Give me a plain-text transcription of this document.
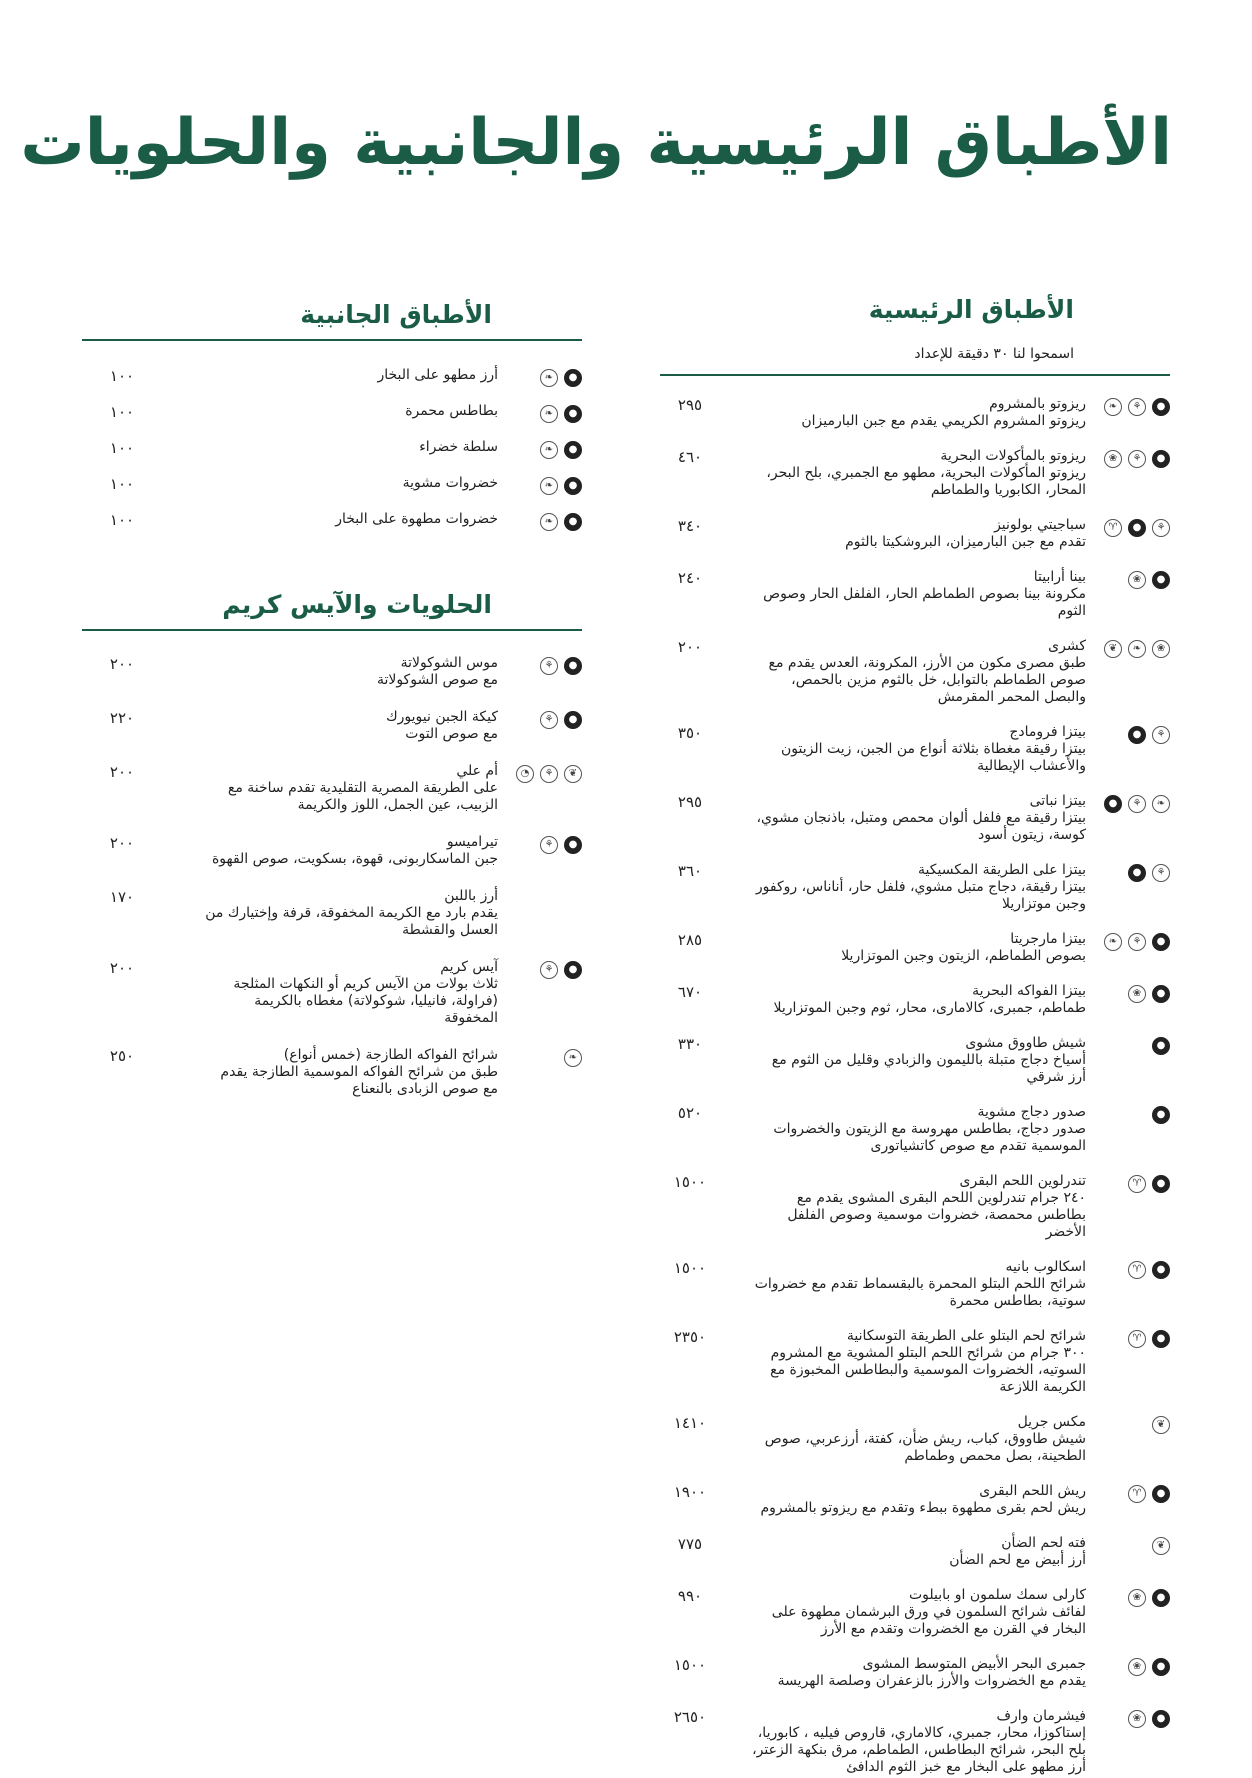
الأطباق الرئيسية والجانبية والحلويات
الأطباق الرئيسية
اسمحوا لنا ٣٠ دقيقة للإعداد
●
⚘
❧
ريزوتو بالمشروم
ريزوتو المشروم الكريمي يقدم مع جبن البارميزان
٢٩٥
●
⚘
❀
ريزوتو بالمأكولات البحرية
ريزوتو المأكولات البحرية، مطهو مع الجمبري، بلح البحر، المحار، الكابوريا والطماطم
٤٦٠
⚘
●
♈
سباجيتي بولونيز
تقدم مع جبن البارميزان، البروشكيتا بالثوم
٣٤٠
●
❀
بينا أرابيتا
مكرونة بينا بصوص الطماطم الحار، الفلفل الحار وصوص الثوم
٢٤٠
❀
❧
❦
كشرى
طبق مصرى مكون من الأرز، المكرونة، العدس يقدم مع صوص الطماطم بالتوابل، خل بالثوم مزين بالحمص، والبصل المحمر المقرمش
٢٠٠
⚘
●
بيتزا فرومادج
بيتزا رقيقة مغطاة بثلاثة أنواع من الجبن، زيت الزيتون والأعشاب الإيطالية
٣٥٠
❧
⚘
●
بيتزا نباتى
بيتزا رقيقة مع فلفل ألوان محمص ومتبل، باذنجان مشوي، كوسة، زيتون أسود
٢٩٥
⚘
●
بيتزا على الطريقة المكسيكية
بيتزا رقيقة، دجاج متبل مشوي، فلفل حار، أناناس، روكفور وجبن موتزاريلا
٣٦٠
●
⚘
❧
بيتزا مارجريتا
بصوص الطماطم، الزيتون وجبن الموتزاريلا
٢٨٥
●
❀
بيتزا الفواكه البحرية
طماطم، جمبرى، كالامارى، محار، ثوم وجبن الموتزاريلا
٦٧٠
●
شيش طاووق مشوى
أسياخ دجاج متبلة بالليمون والزبادي وقليل من الثوم مع أرز شرقي
٣٣٠
●
صدور دجاج مشوية
صدور دجاج، بطاطس مهروسة مع الزيتون والخضروات الموسمية تقدم مع صوص كاتشياتورى
٥٢٠
●
♈
تندرلوين اللحم البقرى
٢٤٠ جرام تندرلوين اللحم البقرى المشوى يقدم مع بطاطس محمصة، خضروات موسمية وصوص الفلفل الأخضر
١٥٠٠
●
♈
اسكالوب بانيه
شرائح اللحم البتلو المحمرة بالبقسماط تقدم مع خضروات سوتية، بطاطس محمرة
١٥٠٠
●
♈
شرائح لحم البتلو على الطريقة التوسكانية
٣٠٠ جرام من شرائح اللحم البتلو المشوية مع المشروم السوتيه، الخضروات الموسمية والبطاطس المخبوزة مع الكريمة اللازعة
٢٣٥٠
❦
مكس جريل
شيش طاووق، كباب، ريش ضأن، كفتة، أرزعربي، صوص الطحينة، بصل محمص وطماطم
١٤١٠
●
♈
ريش اللحم البقرى
ريش لحم بقرى مطهوة ببطء وتقدم مع ريزوتو بالمشروم
١٩٠٠
❦
فته لحم الضأن
أرز أبيض مع لحم الضأن
٧٧٥
●
❀
كارلى سمك سلمون او بابيلوت
لفائف شرائح السلمون في ورق البرشمان مطهوة على البخار في القرن مع الخضروات وتقدم مع الأرز
٩٩٠
●
❀
جمبرى البحر الأبيض المتوسط المشوى
يقدم مع الخضروات والأرز بالزعفران وصلصة الهريسة
١٥٠٠
●
❀
فيشرمان وارف
إستاكوزا، محار، جمبري، كالاماري، قاروص فيليه ، كابوريا، بلح البحر، شرائح البطاطس، الطماطم، مرق بنكهة الزعتر، أرز مطهو على البخار مع خبز الثوم الدافئ
٢٦٥٠
الأطباق الجانبية
●
❧
أرز مطهو على البخار
١٠٠
●
❧
بطاطس محمرة
١٠٠
●
❧
سلطة خضراء
١٠٠
●
❧
خضروات مشوية
١٠٠
●
❧
خضروات مطهوة على البخار
١٠٠
الحلويات والآيس كريم
●
⚘
موس الشوكولاتة
مع صوص الشوكولاتة
٢٠٠
●
⚘
كيكة الجبن نيويورك
مع صوص التوت
٢٢٠
❦
⚘
◔
أم علي
على الطريقة المصرية التقليدية تقدم ساخنة مع الزبيب، عين الجمل، اللوز والكريمة
٢٠٠
●
⚘
تيراميسو
جبن الماسكاربونى، قهوة، بسكويت، صوص القهوة
٢٠٠
أرز باللبن
يقدم بارد مع الكريمة المخفوقة، قرفة وإختيارك من العسل والقشطة
١٧٠
●
⚘
آيس كريم
ثلاث بولات من الآيس كريم أو النكهات المثلجة (فراولة، فانيليا، شوكولاتة) مغطاه بالكريمة المخفوقة
٢٠٠
❧
شرائح الفواكه الطازجة (خمس أنواع)
طبق من شرائح الفواكه الموسمية الطازجة يقدم مع صوص الزبادى بالنعناع
٢٥٠
